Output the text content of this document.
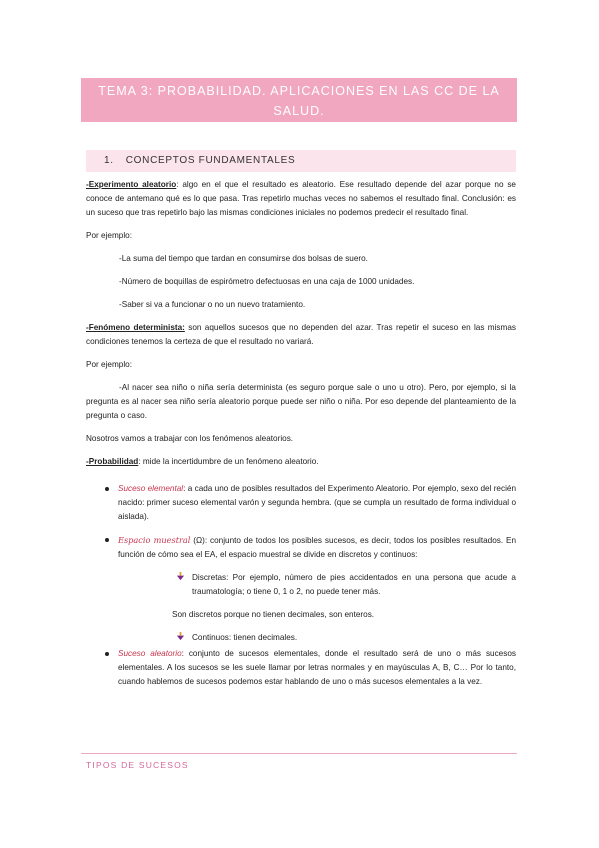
TEMA 3: PROBABILIDAD. APLICACIONES EN LAS CC DE LA SALUD.
CURVAS ROC
1. CONCEPTOS FUNDAMENTALES

-Experimento aleatorio: algo en el que el resultado es aleatorio. Ese resultado depende del azar porque no se conoce de antemano qué es lo que pasa. Tras repetirlo muchas veces no sabemos el resultado final. Conclusión: es un suceso que tras repetirlo bajo las mismas condiciones iniciales no podemos predecir el resultado final.

Por ejemplo:

-La suma del tiempo que tardan en consumirse dos bolsas de suero.

-Número de boquillas de espirómetro defectuosas en una caja de 1000 unidades.

-Saber si va a funcionar o no un nuevo tratamiento.

-Fenómeno determinista: son aquellos sucesos que no dependen del azar. Tras repetir el suceso en las mismas condiciones tenemos la certeza de que el resultado no variará.

Por ejemplo:

-Al nacer sea niño o niña sería determinista (es seguro porque sale o uno u otro). Pero, por ejemplo, si la pregunta es al nacer sea niño sería aleatorio porque puede ser niño o niña. Por eso depende del planteamiento de la pregunta o caso.

Nosotros vamos a trabajar con los fenómenos aleatorios.

-Probabilidad: mide la incertidumbre de un fenómeno aleatorio.

Suceso elemental: a cada uno de posibles resultados del Experimento Aleatorio. Por ejemplo, sexo del recién nacido: primer suceso elemental varón y segunda hembra. (que se cumpla un resultado de forma individual o aislada).

Espacio muestral (Ω): conjunto de todos los posibles sucesos, es decir, todos los posibles resultados. En función de cómo sea el EA, el espacio muestral se divide en discretos y continuos:

Discretas: Por ejemplo, número de pies accidentados en una persona que acude a traumatología; o tiene 0, 1 o 2, no puede tener más.

Son discretos porque no tienen decimales, son enteros.

Continuos: tienen decimales.

Suceso aleatorio: conjunto de sucesos elementales, donde el resultado será de uno o más sucesos elementales. A los sucesos se les suele llamar por letras normales y en mayúsculas A, B, C… Por lo tanto, cuando hablemos de sucesos podemos estar hablando de uno o más sucesos elementales a la vez.

TIPOS DE SUCESOS
